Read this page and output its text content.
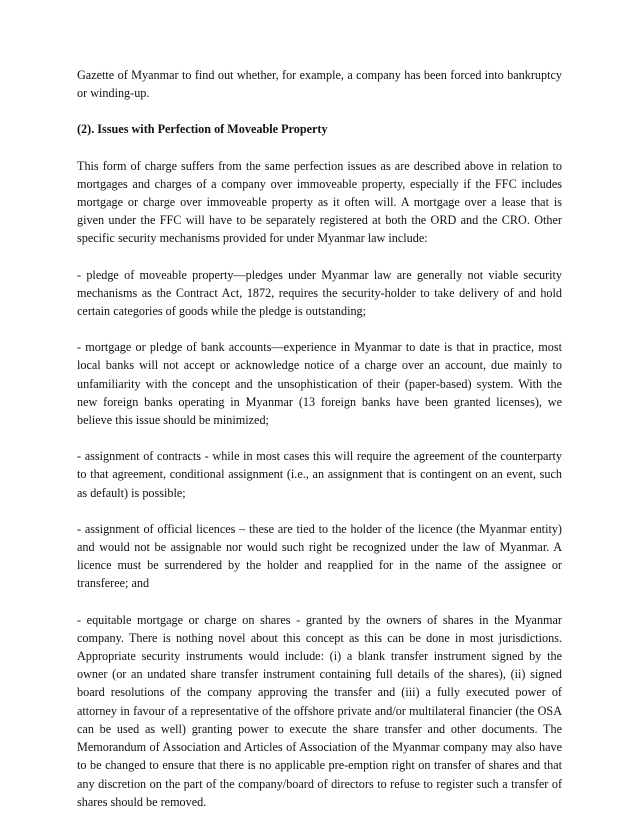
Gazette of Myanmar to find out whether, for example, a company has been forced into bankruptcy or winding-up.

(2). Issues with Perfection of Moveable Property

This form of charge suffers from the same perfection issues as are described above in relation to mortgages and charges of a company over immoveable property, especially if the FFC includes mortgage or charge over immoveable property as it often will. A mortgage over a lease that is given under the FFC will have to be separately registered at both the ORD and the CRO. Other specific security mechanisms provided for under Myanmar law include:

- pledge of moveable property—pledges under Myanmar law are generally not viable security mechanisms as the Contract Act, 1872, requires the security-holder to take delivery of and hold certain categories of goods while the pledge is outstanding;

- mortgage or pledge of bank accounts—experience in Myanmar to date is that in practice, most local banks will not accept or acknowledge notice of a charge over an account, due mainly to unfamiliarity with the concept and the unsophistication of their (paper-based) system. With the new foreign banks operating in Myanmar (13 foreign banks have been granted licenses), we believe this issue should be minimized;

- assignment of contracts - while in most cases this will require the agreement of the counterparty to that agreement, conditional assignment (i.e., an assignment that is contingent on an event, such as default) is possible;

- assignment of official licences – these are tied to the holder of the licence (the Myanmar entity) and would not be assignable nor would such right be recognized under the law of Myanmar. A licence must be surrendered by the holder and reapplied for in the name of the assignee or transferee; and

- equitable mortgage or charge on shares - granted by the owners of shares in the Myanmar company. There is nothing novel about this concept as this can be done in most jurisdictions. Appropriate security instruments would include: (i) a blank transfer instrument signed by the owner (or an undated share transfer instrument containing full details of the shares), (ii) signed board resolutions of the company approving the transfer and (iii) a fully executed power of attorney in favour of a representative of the offshore private and/or multilateral financier (the OSA can be used as well) granting power to execute the share transfer and other documents. The Memorandum of Association and Articles of Association of the Myanmar company may also have to be changed to ensure that there is no applicable pre-emption right on transfer of shares and that any discretion on the part of the company/board of directors to refuse to register such a transfer of shares should be removed.
